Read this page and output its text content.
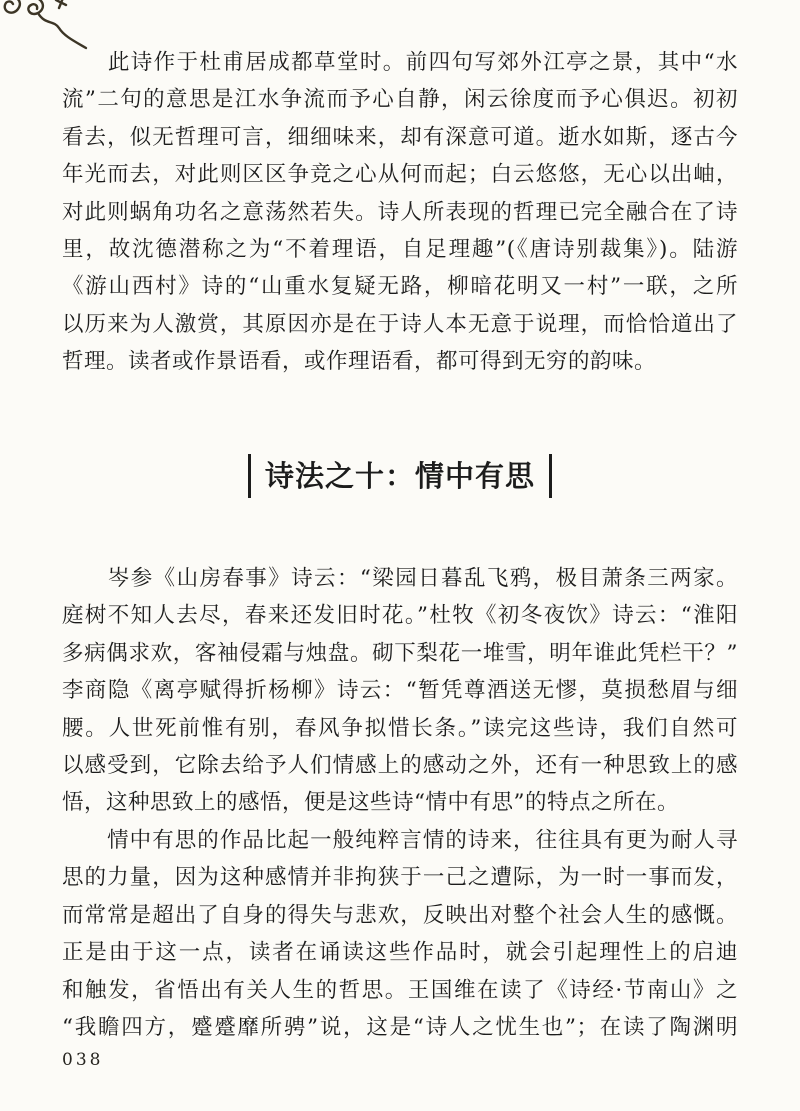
　　此诗作于杜甫居成都草堂时。前四句写郊外江亭之景，其中“水
流”二句的意思是江水争流而予心自静，闲云徐度而予心俱迟。初初
看去，似无哲理可言，细细味来，却有深意可道。逝水如斯，逐古今
年光而去，对此则区区争竞之心从何而起；白云悠悠，无心以出岫，
对此则蜗角功名之意荡然若失。诗人所表现的哲理已完全融合在了诗
里，故沈德潜称之为“不着理语，自足理趣”(《唐诗别裁集》)。陆游
《游山西村》诗的“山重水复疑无路，柳暗花明又一村”一联，之所
以历来为人激赏，其原因亦是在于诗人本无意于说理，而恰恰道出了
哲理。读者或作景语看，或作理语看，都可得到无穷的韵味。
诗法之十：情中有思
　　岑参《山房春事》诗云：“梁园日暮乱飞鸦，极目萧条三两家。
庭树不知人去尽，春来还发旧时花。”杜牧《初冬夜饮》诗云：“淮阳
多病偶求欢，客袖侵霜与烛盘。砌下梨花一堆雪，明年谁此凭栏干？”
李商隐《离亭赋得折杨柳》诗云：“暂凭尊酒送无憀，莫损愁眉与细
腰。人世死前惟有别，春风争拟惜长条。”读完这些诗，我们自然可
以感受到，它除去给予人们情感上的感动之外，还有一种思致上的感
悟，这种思致上的感悟，便是这些诗“情中有思”的特点之所在。
　　情中有思的作品比起一般纯粹言情的诗来，往往具有更为耐人寻
思的力量，因为这种感情并非拘狭于一己之遭际，为一时一事而发，
而常常是超出了自身的得失与悲欢，反映出对整个社会人生的感慨。
正是由于这一点，读者在诵读这些作品时，就会引起理性上的启迪
和触发，省悟出有关人生的哲思。王国维在读了《诗经·节南山》之
“我瞻四方，蹙蹙靡所骋”说，这是“诗人之忧生也”；在读了陶渊明
038
